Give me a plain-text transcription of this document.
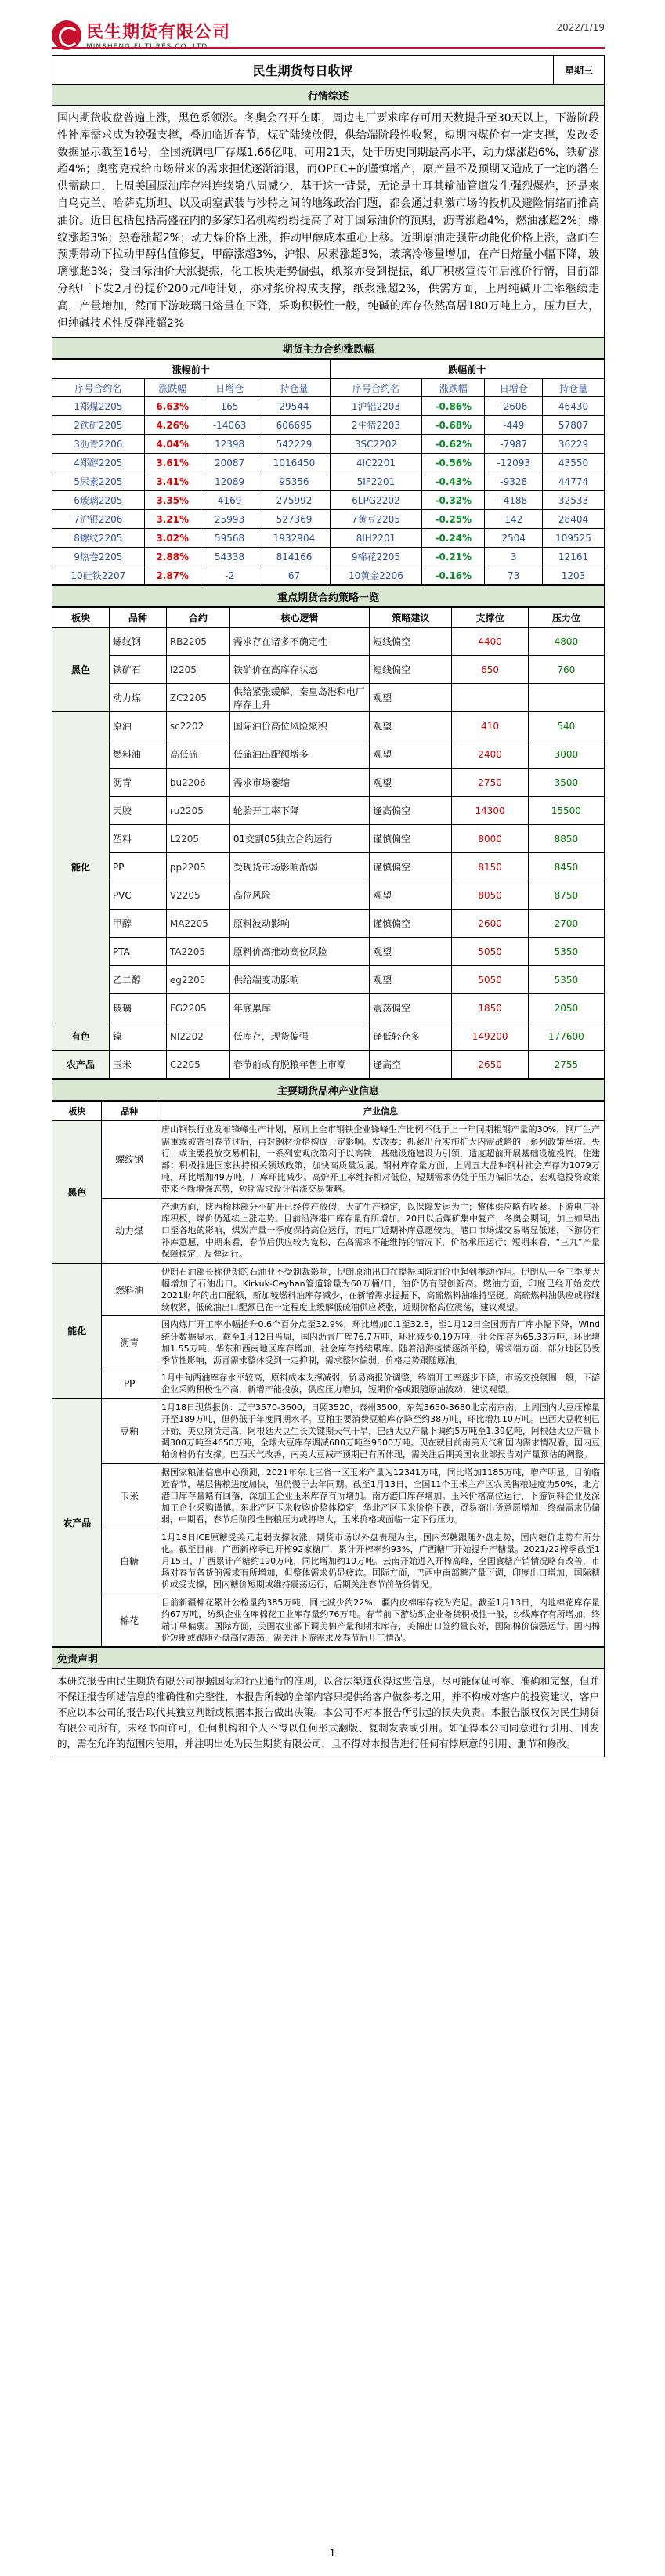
民生期货有限公司	2022/1/19
民生期货每日收评	星期三
行情综述
国内期货收盘普遍上涨，黑色系领涨。冬奥会召开在即，周边电厂要求库存可用天数提升至30天以上，下游阶段性补库需求成为较强支撑，叠加临近春节，煤矿陆续放假，供给端阶段性收紧，短期内煤价有一定支撑，发改委数据显示截至16号，全国统调电厂存煤1.66亿吨，可用21天，处于历史同期最高水平，动力煤涨超6%，铁矿涨超4%；奥密克戎给市场带来的需求担忧逐渐消退，而OPEC+的谨慎增产，原产量不及预期又造成了一定的潜在供需缺口，上周美国原油库存料连续第八周减少，基于这一背景，无论是土耳其输油管道发生强烈爆炸，还是来自乌克兰、哈萨克斯坦、以及胡塞武装与沙特之间的地缘政治问题，都会通过刺激市场的投机及避险情绪而推高油价。近日包括包括高盛在内的多家知名机构纷纷提高了对于国际油价的预期，沥青涨超4%，燃油涨超2%；螺纹涨超3%；热卷涨超2%；动力煤价格上涨，推动甲醇成本重心上移。近期原油走强带动能化价格上涨，盘面在预期带动下拉动甲醇估值修复，甲醇涨超3%，沪银、尿素涨超3%，玻璃冷修量增加，在产日熔量小幅下降，玻璃涨超3%；受国际油价大涨提振，化工板块走势偏强，纸浆亦受到提振，纸厂积极宣传年后涨价行情，目前部分纸厂下发2月份提价200元/吨计划，亦对浆价构成支撑，纸浆涨超2%，供需方面，上周纯碱开工率继续走高，产量增加，然而下游玻璃日熔量在下降，采购积极性一般，纯碱的库存依然高居180万吨上方，压力巨大，但纯碱技术性反弹涨超2%
期货主力合约涨跌幅
涨幅前十				跌幅前十			
序号合约名	涨跌幅	日增仓	持仓量	序号合约名	涨跌幅	日增仓	持仓量
1郑煤2205	6.63%	165	29544	1沪铝2203	-0.86%	-2606	46430
2铁矿2205	4.26%	-14063	606695	2生猪2203	-0.68%	-449	57807
3沥青2206	4.04%	12398	542229	3SC2202	-0.62%	-7987	36229
4郑醇2205	3.61%	20087	1016450	4IC2201	-0.56%	-12093	43550
5尿素2205	3.41%	12089	95356	5IF2201	-0.43%	-9328	44774
6玻璃2205	3.35%	4169	275992	6LPG2202	-0.32%	-4188	32533
7沪银2206	3.21%	25993	527369	7黄豆2205	-0.25%	142	28404
8螺纹2205	3.02%	59568	1932904	8IH2201	-0.24%	2504	109525
9热卷2205	2.88%	54338	814166	9棉花2205	-0.21%	3	12161
10硅铁2207	2.87%	-2	67	10黄金2206	-0.16%	73	1203
重点期货合约策略一览
板块	品种	合约	核心逻辑	策略建议	支撑位	压力位
黑色	螺纹钢	RB2205	需求存在诸多不确定性	短线偏空	4400	4800
	铁矿石	I2205	铁矿价在高库存状态	短线偏空	650	760
	动力煤	ZC2205	供给紧张缓解，秦皇岛港和电厂库存上升	观望		
能化	原油	sc2202	国际油价高位风险聚积	观望	410	540
	燃料油	高低硫	低硫油出配额增多	观望	2400	3000
	沥青	bu2206	需求市场萎缩	观望	2750	3500
	天胶	ru2205	轮胎开工率下降	逢高偏空	14300	15500
	塑料	L2205	01交割05独立合约运行	谨慎偏空	8000	8850
	PP	pp2205	受现货市场影响渐弱	谨慎偏空	8150	8450
	PVC	V2205	高位风险	观望	8050	8750
	甲醇	MA2205	原料波动影响	谨慎偏空	2600	2700
	PTA	TA2205	原料价高推动高位风险	观望	5050	5350
	乙二醇	eg2205	供给端变动影响	观望	5050	5350
	玻璃	FG2205	年底累库	震荡偏空	1850	2050
有色	镍	NI2202	低库存，现货偏强	逢低轻仓多	149200	177600
农产品	玉米	C2205	春节前或有脱粮年售上市潮	逢高空	2650	2755
主要期货品种产业信息
板块	品种	产业信息
黑色	螺纹钢	唐山钢铁行业发布锋峰生产计划，原则上全市钢铁企业锋峰生产比例不低于上一年同期粗钢产量的30%，钢厂生产需重或被寄到春节过后，再对钢材价格构成一定影响。发改委：抓紧出台实施扩大内需战略的一系列政策举措。央行：或主要投放交易机制，一系列宏观政策利于以高铁、基础设施建设为引领，适度超前开展基础设施投资。住建部：积极推进国家扶持相关领域政策，加快高质量发展。钢材库存量方面，上周五大品种钢材社会库存为1079万吨，环比增加49万吨，厂库环比减少。高炉开工率维持相对低位，短期需求仍处于压力偏旧状态，宏观稳投资政策带来不断增强态势，短期需求设计看涨交易策略。
	动力煤	产地方面，陕西榆林部分小矿开已经停产放假，大矿生产稳定，以保障发运为主；整体供应略有收紧。下游电厂补库积极，煤价仍延续上涨走势。目前沿海港口库存量有所增加。20日以后煤矿集中复产，冬奥会期间，加上如果出口至各地的影响，煤炭产量一季度保持高位运行，而电厂近期补库意愿较为。港口市场煤交易略显低迷，下游仍有补库意愿，中期来看，春节后供应较为宽松，在高需求不能维持的情况下，价格承压运行；短期来看，“三九”产量保障稳定，反弹运行。
能化	燃料油	伊朗石油部长称伊朗的石油业不受制裁影响，伊朗原油出口在提振国际油价中起到推动作用。伊朗从一至三季度大幅增加了石油出口。Kirkuk-Ceyhan管道输量为60万桶/日，油价仍有望创新高。燃油方面，印度已经开始发放2021财年的出口配额，新加坡燃料油库存减少，在新增需求提振下，高硫燃料油维持坚挺。高硫燃料油供应或将继续收紧，低硫油出口配额已在一定程度上缓解低硫油供应紧张，近期价格高位震荡，建议观望。
	沥青	国内炼厂开工率小幅抬升0.6个百分点至32.9%，环比增加0.1至32.3，至1月12日全国沥青厂库小幅下降，Wind统计数据显示，截至1月12日当周，国内沥青厂库76.7万吨，环比减少0.19万吨，社会库存为65.33万吨，环比增加1.55万吨，华东和西南地区库存增加，社会库存持续累库。随着沿海疫情逐渐平稳，需求端方面，部分地区仍受季节性影响，沥青需求整体受到一定抑制，需求整体偏弱，价格走势跟随原油。
	PP	1月中旬两油库存水平较高，原料成本支撑减弱，贸易商报价调整，终端开工率逐步下降，市场交投氛围一般，下游企业采购积极性不高，新增产能投放，供应压力增加，短期价格或跟随原油波动，建议观望。
农产品	豆粕	1月18日现货报价：辽宁3570-3600，日照3520，泰州3500，东莞3650-3680北京南京南，上周国内大豆压榨量开至189万吨，但仍低于年度同期水平。豆粕主要消费豆粕库存降至约38万吨，环比增加10万吨。巴西大豆收割已开始，美豆期货走高，阿根廷大豆生长关键期天气干旱，巴西大豆产量下调约5万吨至1.39亿吨，阿根廷大豆产量下调300万吨至4650万吨，全球大豆库存调减680万吨至9500万吨。现在就目前南美天气和国内需求情况看，国内豆粕价格仍有支撑。巴西天气改善，南美大豆减产预期已有所体现，需关注后期美国农业部报告对产量预估的调整。
	玉米	据国家粮油信息中心预测，2021年东北三省一区玉米产量为12341万吨，同比增加1185万吨，增产明显。目前临近春节，基层售粮进度加快，但仍慢于去年同期。截至1月13日，全国11个玉米主产区农民售粮进度为50%，北方港口库存量略有回落，深加工企业玉米库存有所增加。南方港口库存增加。玉米价格高位运行，下游饲料企业及深加工企业采购谨慎。东北产区玉米收购价整体稳定，华北产区玉米价格下跌，贸易商出货意愿增加，终端需求仍偏弱，中期看，春节后阶段性售粮压力或将增大，玉米价格或面临一定下行压力。
	白糖	1月18日ICE原糖受美元走弱支撑收涨，期货市场以外盘表现为主，国内郑糖跟随外盘走势，国内糖价走势有所分化。截至目前，广西新榨季已开榨92家糖厂，累计开榨率约93%，广西糖厂开始提升产糖量。2021/22榨季截至1月15日，广西累计产糖约190万吨，同比增加约10万吨。云南开始进入开榨高峰，全国食糖产销情况略有改善，市场对春节备货的需求有所增加，但整体需求仍显疲软。国际方面，巴西中南部糖产量下调，印度出口增加，国际糖价或受支撑，国内糖价短期或维持震荡运行，后期关注春节前备货情况。
	棉花	目前新疆棉花累计公检量约385万吨，同比减少约22%，疆内皮棉库存较为充足。截至1月13日，内地棉花库存量约67万吨，纺织企业在库棉花工业库存量约76万吨。春节前下游纺织企业备货积极性一般，纱线库存有所增加，终端订单偏弱。国际方面，美国农业部下调美棉产量和期末库存，美棉出口签约量良好，国际棉价偏强运行。国内棉价短期或跟随外盘高位震荡，需关注下游需求及春节后开工情况。
免责声明
本研究报告由民生期货有限公司根据国际和行业通行的准则，以合法渠道获得这些信息，尽可能保证可靠、准确和完整，但并不保证报告所述信息的准确性和完整性，本报告所载的全部内容只提供给客户做参考之用，并不构成对客户的投资建议，客户不应以本公司的报告取代其独立判断或根据本报告做出决策。本公司不对本报告所引起的损失负责。本报告版权仅为民生期货有限公司所有，未经书面许可，任何机构和个人不得以任何形式翻版、复制发表或引用。如征得本公司同意进行引用、刊发的，需在允许的范围内使用，并注明出处为民生期货有限公司，且不得对本报告进行任何有悖原意的引用、删节和修改。
1
